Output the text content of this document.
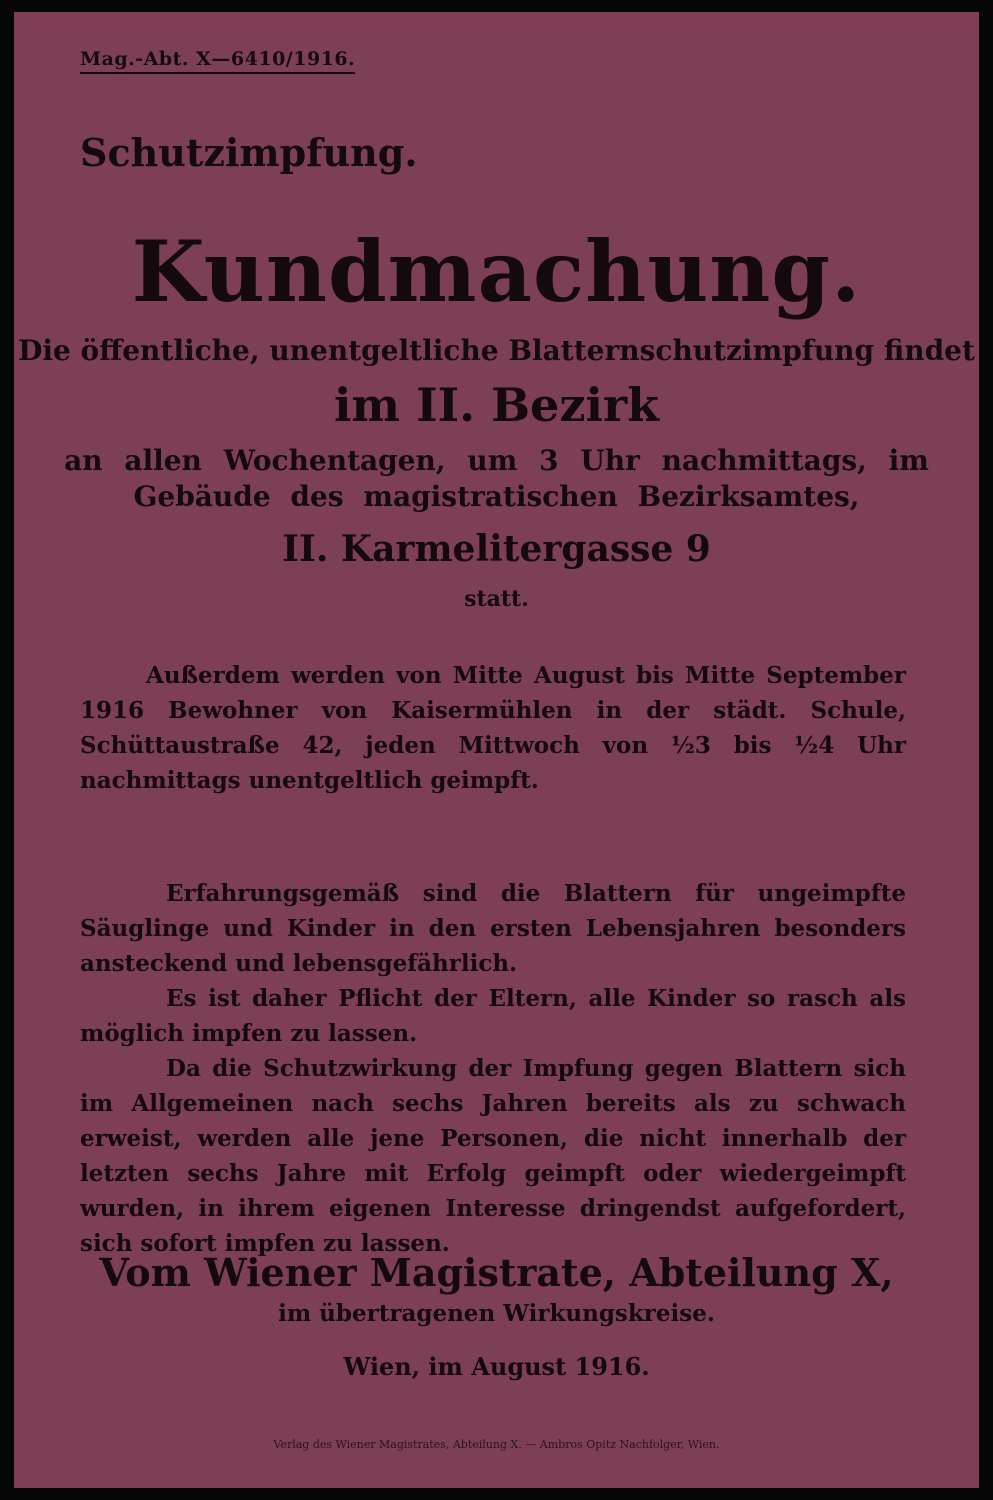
Mag.-Abt. X—6410/1916.
Schutzimpfung.
Kundmachung.
Die öffentliche, unentgeltliche Blatternschutzimpfung findet
im II. Bezirk
an allen Wochentagen, um 3 Uhr nachmittags, im
Gebäude des magistratischen Bezirksamtes,
II. Karmelitergasse 9
statt.
Außerdem werden von Mitte August bis Mitte September 1916 Bewohner von Kaisermühlen in der städt. Schule, Schüttaustraße 42, jeden Mittwoch von ½3 bis ½4 Uhr nachmittags unentgeltlich geimpft.
Erfahrungsgemäß sind die Blattern für ungeimpfte Säuglinge und Kinder in den ersten Lebensjahren besonders ansteckend und lebensgefährlich.
Es ist daher Pflicht der Eltern, alle Kinder so rasch als möglich impfen zu lassen.
Da die Schutzwirkung der Impfung gegen Blattern sich im Allgemeinen nach sechs Jahren bereits als zu schwach erweist, werden alle jene Personen, die nicht innerhalb der letzten sechs Jahre mit Erfolg geimpft oder wiedergeimpft wurden, in ihrem eigenen Interesse dringendst aufgefordert, sich sofort impfen zu lassen.
Vom Wiener Magistrate, Abteilung X,
im übertragenen Wirkungskreise.
Wien, im August 1916.
Verlag des Wiener Magistrates, Abteilung X. — Ambros Opitz Nachfolger, Wien.
